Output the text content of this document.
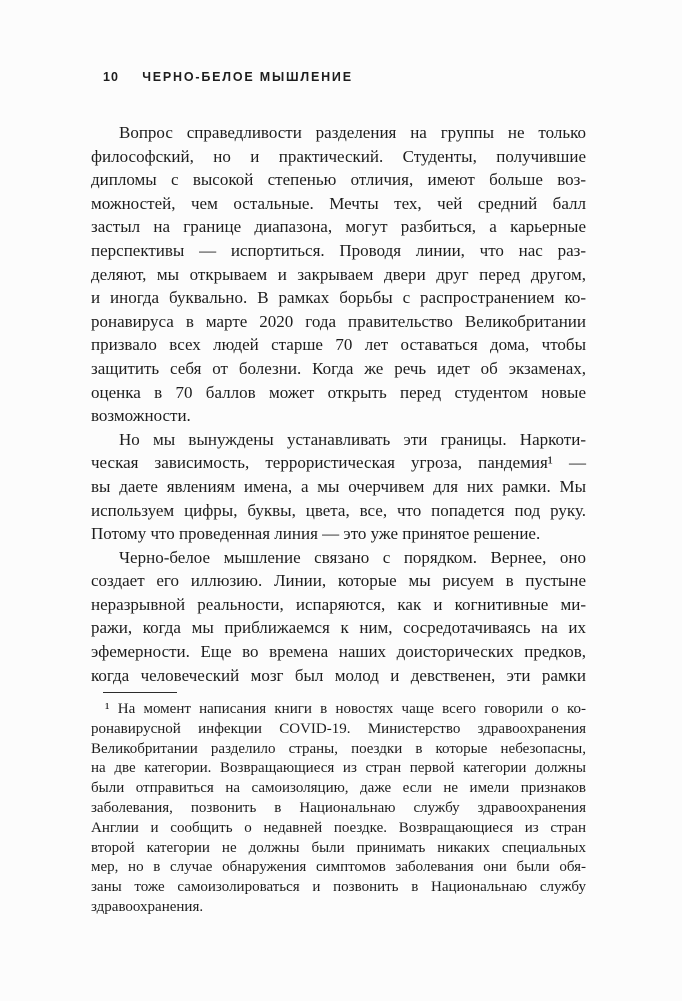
10 ЧЕРНО-БЕЛОЕ МЫШЛЕНИЕ
Вопрос справедливости разделения на группы не только
философский, но и практический. Студенты, получившие
дипломы с высокой степенью отличия, имеют больше воз-
можностей, чем остальные. Мечты тех, чей средний балл
застыл на границе диапазона, могут разбиться, а карьерные
перспективы — испортиться. Проводя линии, что нас раз-
деляют, мы открываем и закрываем двери друг перед другом,
и иногда буквально. В рамках борьбы с распространением ко-
ронавируса в марте 2020 года правительство Великобритании
призвало всех людей старше 70 лет оставаться дома, чтобы
защитить себя от болезни. Когда же речь идет об экзаменах,
оценка в 70 баллов может открыть перед студентом новые
возможности.
Но мы вынуждены устанавливать эти границы. Наркоти-
ческая зависимость, террористическая угроза, пандемия¹ —
вы даете явлениям имена, а мы очерчивем для них рамки. Мы
используем цифры, буквы, цвета, все, что попадется под руку.
Потому что проведенная линия — это уже принятое решение.
Черно-белое мышление связано с порядком. Вернее, оно
создает его иллюзию. Линии, которые мы рисуем в пустыне
неразрывной реальности, испаряются, как и когнитивные ми-
ражи, когда мы приближаемся к ним, сосредотачиваясь на их
эфемерности. Еще во времена наших доисторических предков,
когда человеческий мозг был молод и девственен, эти рамки
¹ На момент написания книги в новостях чаще всего говорили о ко-
ронавирусной инфекции COVID-19. Министерство здравоохранения
Великобритании разделило страны, поездки в которые небезопасны,
на две категории. Возвращающиеся из стран первой категории должны
были отправиться на самоизоляцию, даже если не имели признаков
заболевания, позвонить в Национальнаю службу здравоохранения
Англии и сообщить о недавней поездке. Возвращающиеся из стран
второй категории не должны были принимать никаких специальных
мер, но в случае обнаружения симптомов заболевания они были обя-
заны тоже самоизолироваться и позвонить в Национальнаю службу
здравоохранения.
